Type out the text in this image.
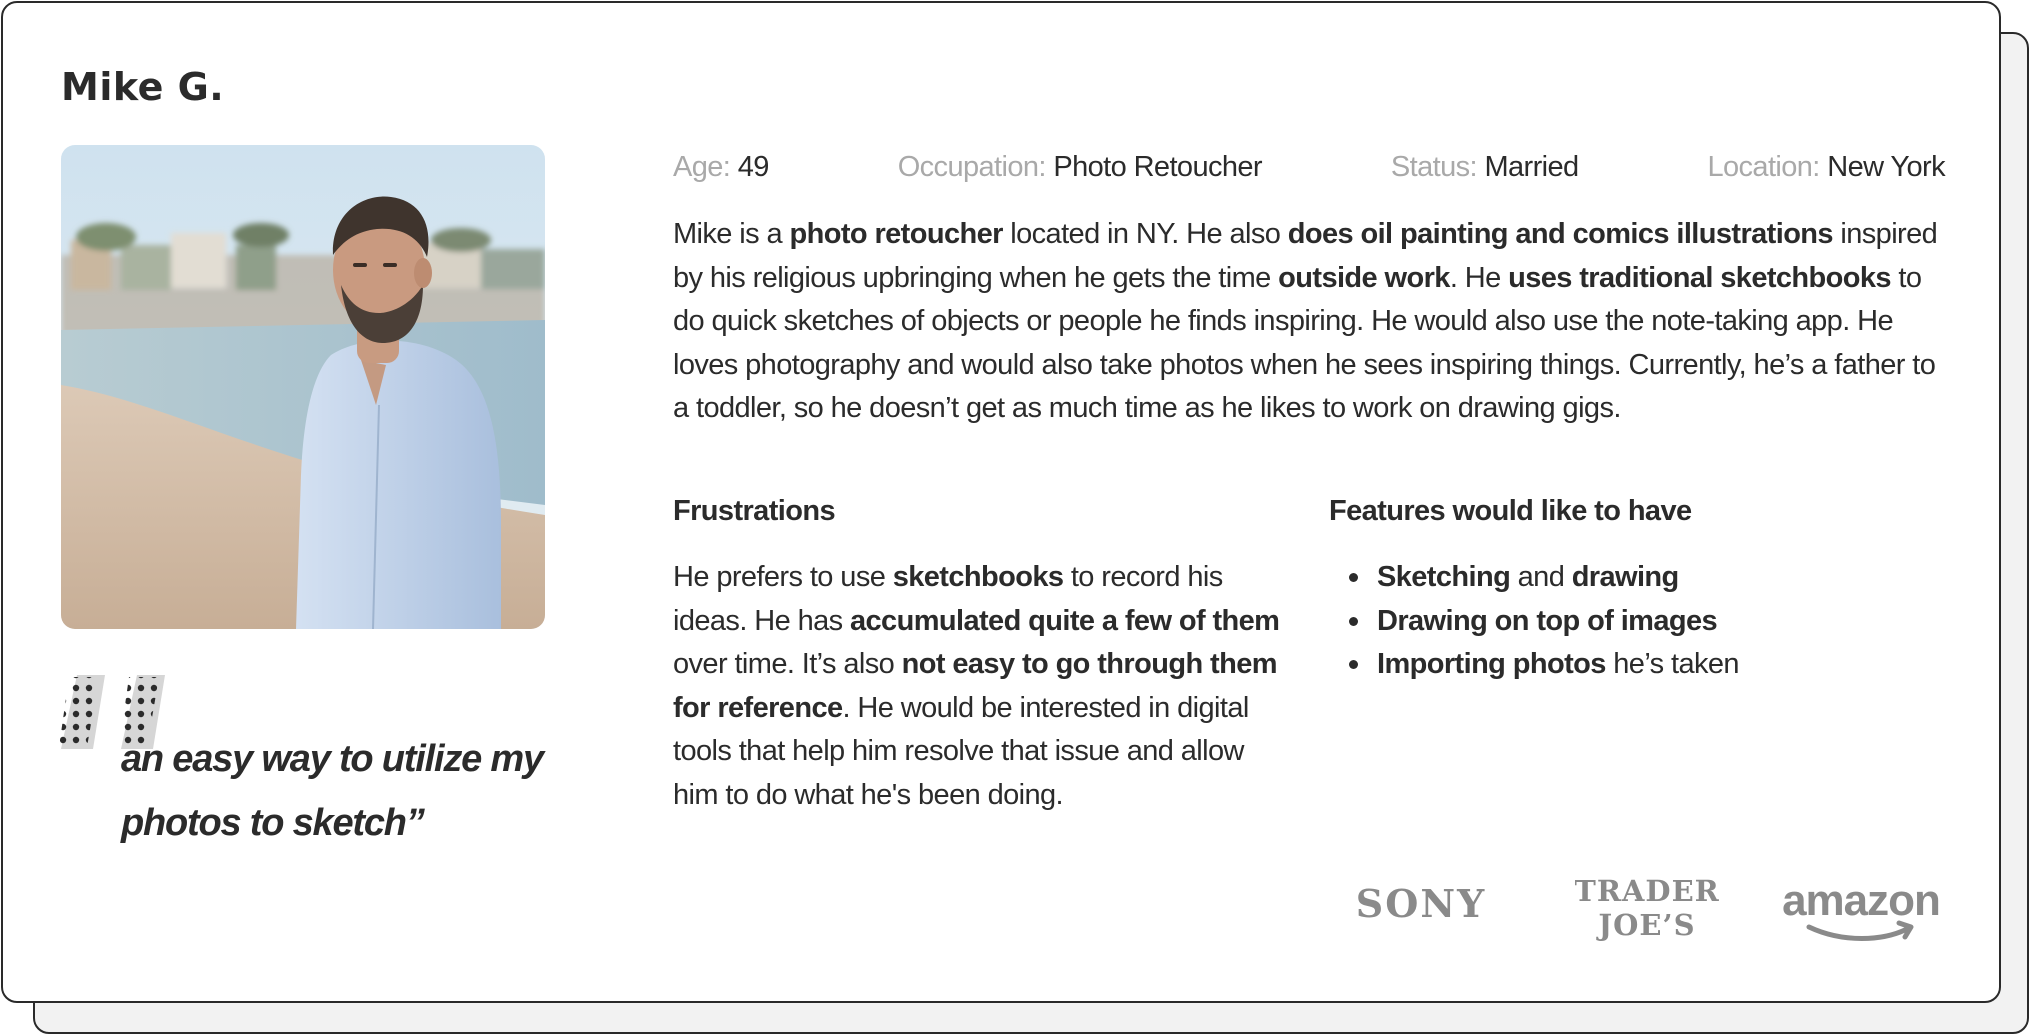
Mike G.

an easy way to utilize my photos to sketch”

Age: 49	Occupation: Photo Retoucher	Status: Married	Location: New York

Mike is a photo retoucher located in NY. He also does oil painting and comics illustrations inspired by his religious upbringing when he gets the time outside work. He uses traditional sketchbooks to do quick sketches of objects or people he finds inspiring. He would also use the note-taking app. He loves photography and would also take photos when he sees inspiring things. Currently, he’s a father to a toddler, so he doesn’t get as much time as he likes to work on drawing gigs.

Frustrations

He prefers to use sketchbooks to record his ideas. He has accumulated quite a few of them over time. It’s also not easy to go through them for reference. He would be interested in digital tools that help him resolve that issue and allow him to do what he's been doing.

Features would like to have
Sketching and drawing
Drawing on top of images
Importing photos he’s taken
SONY	TRADER
JOE’S amazon
